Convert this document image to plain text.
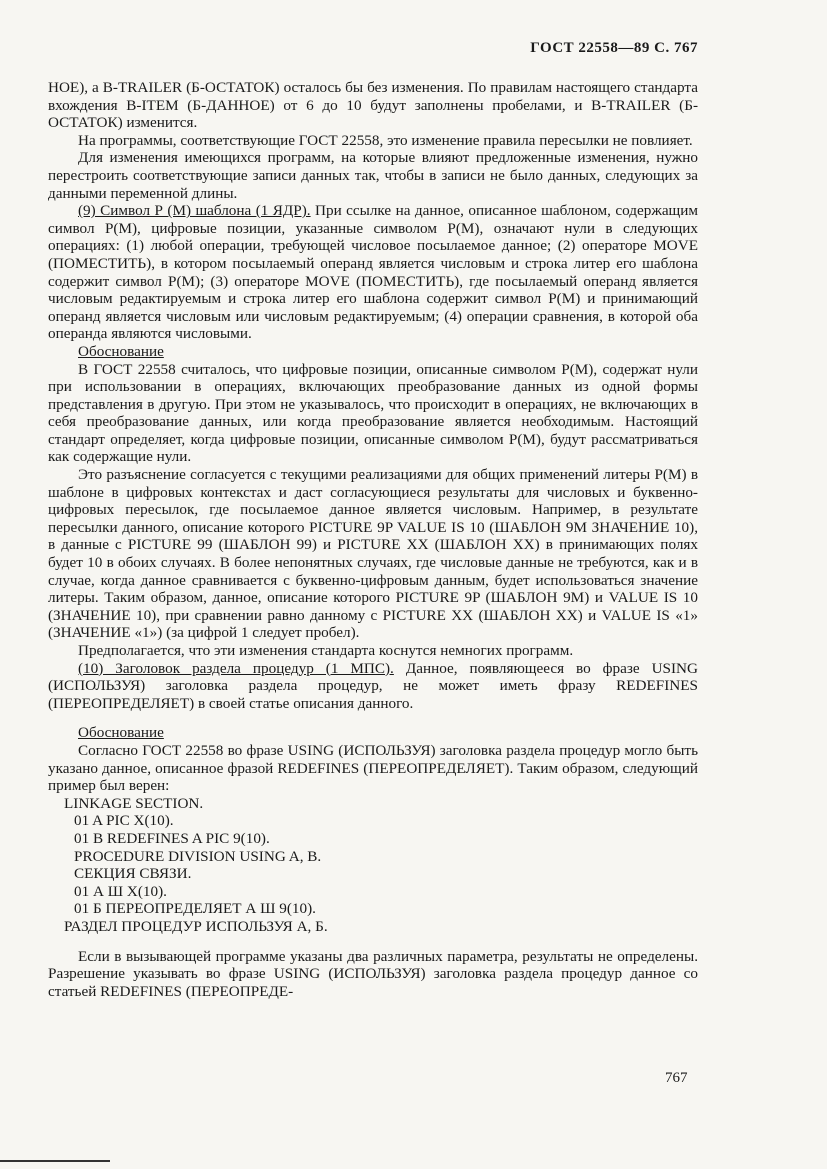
ГОСТ 22558—89 С. 767

НОЕ), а B-TRAILER (Б-ОСТАТОК) осталось бы без изменения. По правилам настоящего стандарта вхождения B-ITEM (Б-ДАННОЕ) от 6 до 10 будут заполнены пробелами, и B-TRAILER (Б-ОСТАТОК) изменится.

На программы, соответствующие ГОСТ 22558, это изменение правила пересылки не повлияет.

Для изменения имеющихся программ, на которые влияют предложенные изменения, нужно перестроить соответствующие записи данных так, чтобы в записи не было данных, следующих за данными переменной длины.

(9) Символ Р (М) шаблона (1 ЯДР). При ссылке на данное, описанное шаблоном, содержащим символ Р(М), цифровые позиции, указанные символом Р(М), означают нули в следующих операциях: (1) любой операции, требующей числовое посылаемое данное; (2) операторе MOVE (ПОМЕСТИТЬ), в котором посылаемый операнд является числовым и строка литер его шаблона содержит символ Р(М); (3) операторе MOVE (ПОМЕСТИТЬ), где посылаемый операнд является числовым редактируемым и строка литер его шаблона содержит символ Р(М) и принимающий операнд является числовым или числовым редактируемым; (4) операции сравнения, в которой оба операнда являются числовыми.

Обоснование

В ГОСТ 22558 считалось, что цифровые позиции, описанные символом Р(М), содержат нули при использовании в операциях, включающих преобразование данных из одной формы представления в другую. При этом не указывалось, что происходит в операциях, не включающих в себя преобразование данных, или когда преобразование является необходимым. Настоящий стандарт определяет, когда цифровые позиции, описанные символом Р(М), будут рассматриваться как содержащие нули.

Это разъяснение согласуется с текущими реализациями для общих применений литеры Р(М) в шаблоне в цифровых контекстах и даст согласующиеся результаты для числовых и буквенно-цифровых пересылок, где посылаемое данное является числовым. Например, в результате пересылки данного, описание которого PICTURE 9P VALUE IS 10 (ШАБЛОН 9М ЗНАЧЕНИЕ 10), в данные с PICTURE 99 (ШАБЛОН 99) и PICTURE XX (ШАБЛОН XX) в принимающих полях будет 10 в обоих случаях. В более непонятных случаях, где числовые данные не требуются, как и в случае, когда данное сравнивается с буквенно-цифровым данным, будет использоваться значение литеры. Таким образом, данное, описание которого PICTURE 9P (ШАБЛОН 9М) и VALUE IS 10 (ЗНАЧЕНИЕ 10), при сравнении равно данному с PICTURE XX (ШАБЛОН XX) и VALUE IS «1» (ЗНАЧЕНИЕ «1») (за цифрой 1 следует пробел).

Предполагается, что эти изменения стандарта коснутся немногих программ.

(10) Заголовок раздела процедур (1 МПС). Данное, появляющееся во фразе USING (ИСПОЛЬЗУЯ) заголовка раздела процедур, не может иметь фразу REDEFINES (ПЕРЕОПРЕДЕЛЯЕТ) в своей статье описания данного.

Обоснование

Согласно ГОСТ 22558 во фразе USING (ИСПОЛЬЗУЯ) заголовка раздела процедур могло быть указано данное, описанное фразой REDEFINES (ПЕРЕОПРЕДЕЛЯЕТ). Таким образом, следующий пример был верен:

LINKAGE SECTION.
01 A PIC X(10).
01 B REDEFINES A PIC 9(10).
PROCEDURE DIVISION USING A, B.
СЕКЦИЯ СВЯЗИ.
01 А Ш Х(10).
01 Б ПЕРЕОПРЕДЕЛЯЕТ А Ш 9(10).
РАЗДЕЛ ПРОЦЕДУР ИСПОЛЬЗУЯ А, Б.

Если в вызывающей программе указаны два различных параметра, результаты не определены. Разрешение указывать во фразе USING (ИСПОЛЬЗУЯ) заголовка раздела процедур данное со статьей REDEFINES (ПЕРЕОПРЕДЕ-

767
